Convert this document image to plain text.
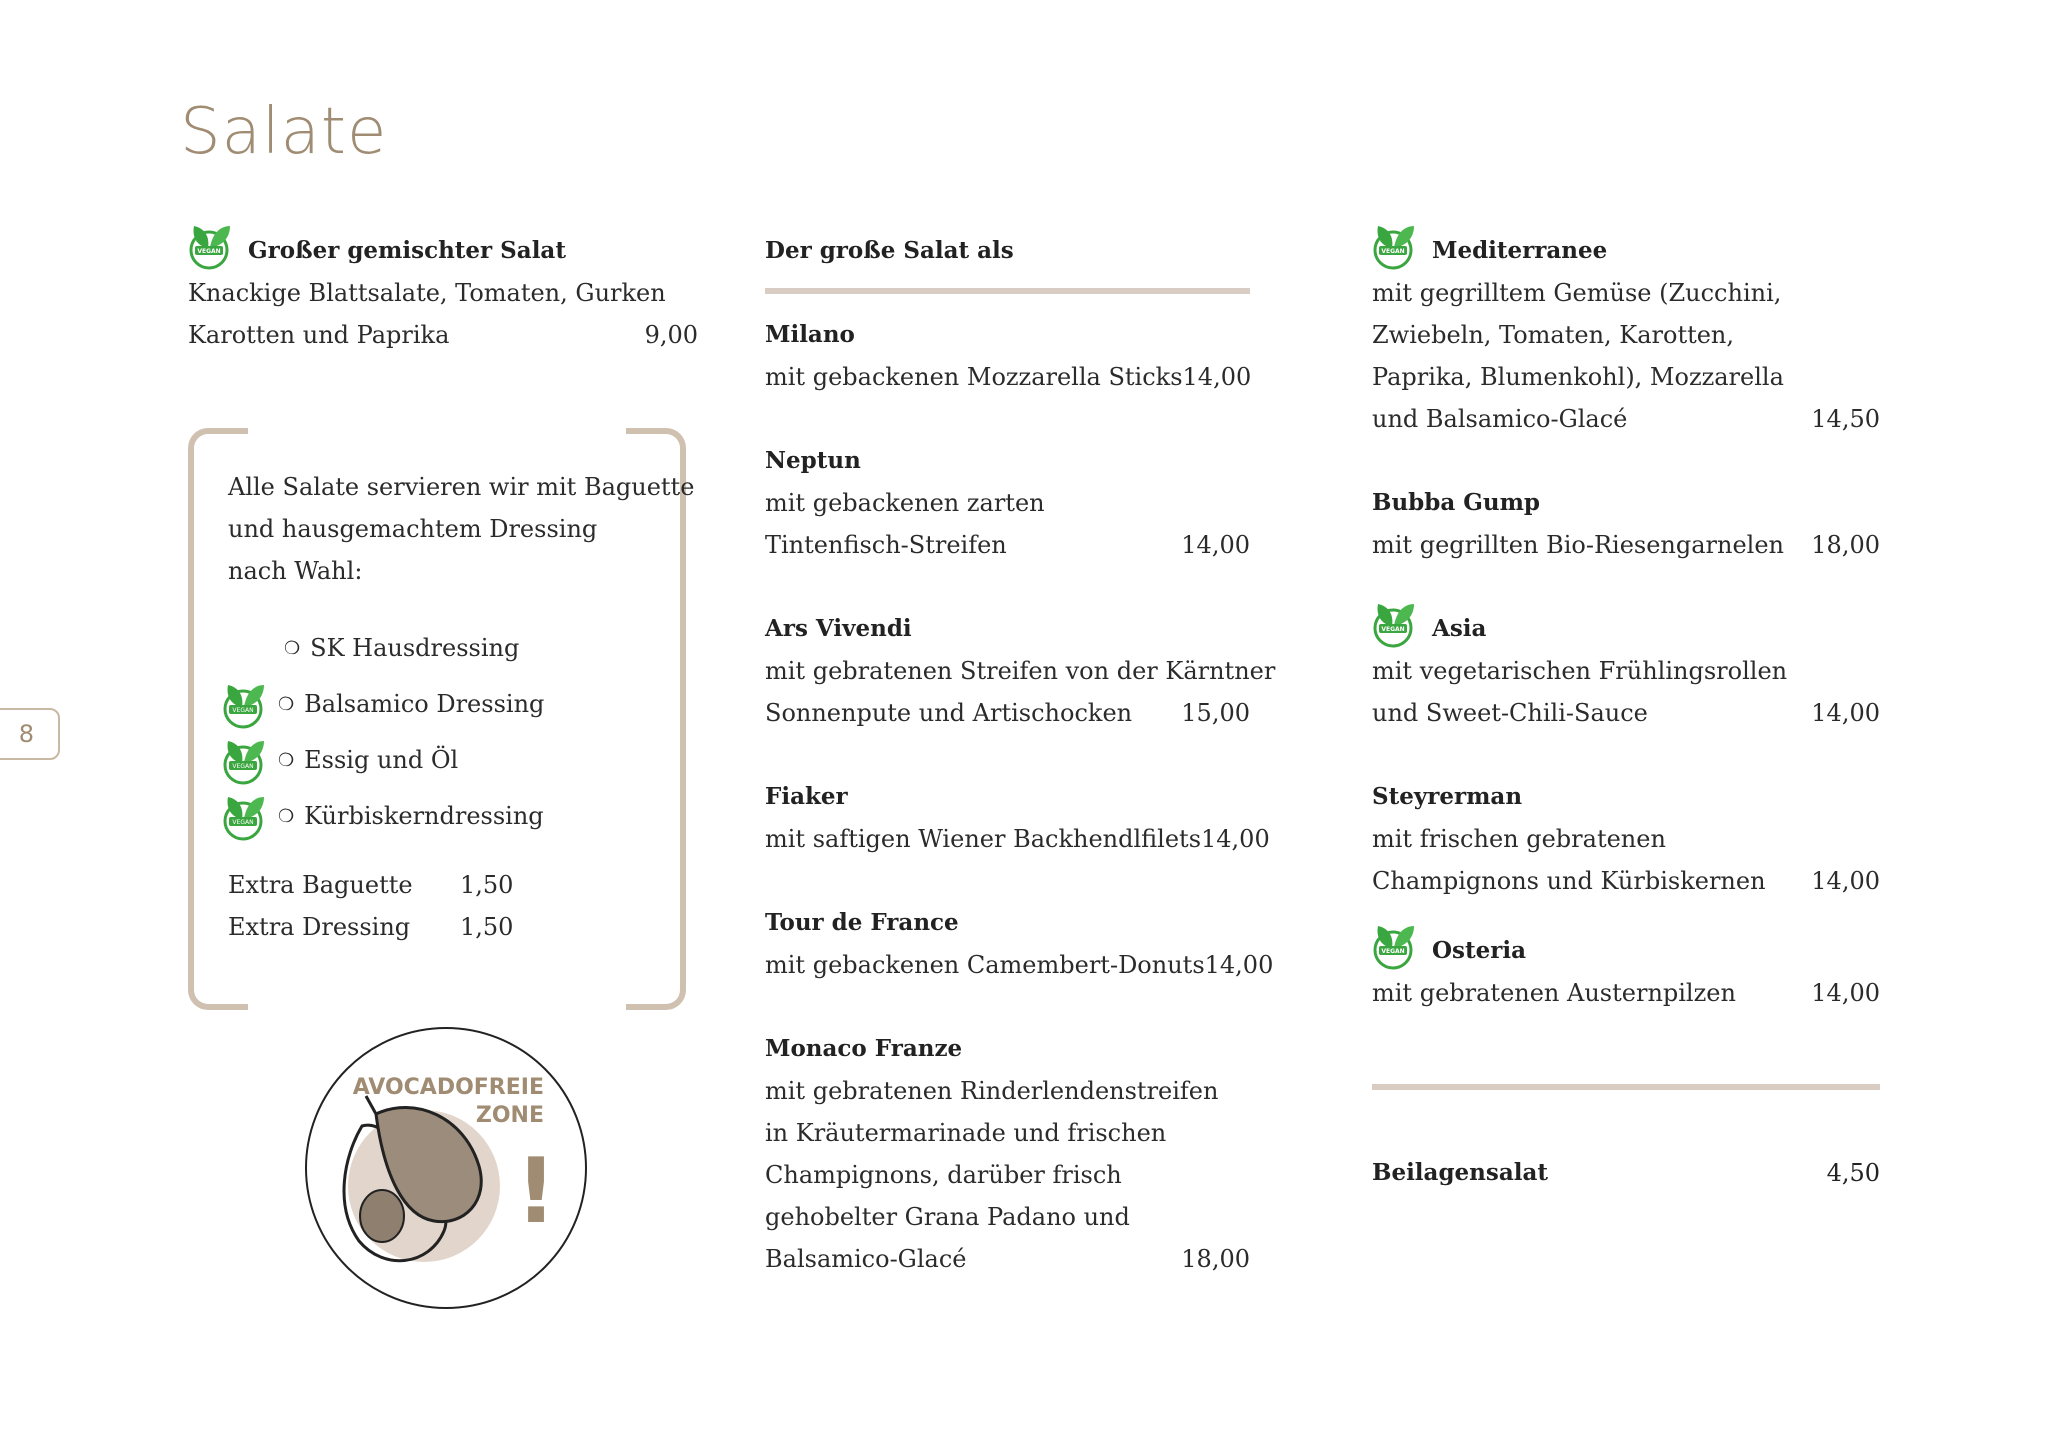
Salate
8
VEGAN Großer gemischter Salat
Knackige Blattsalate, Tomaten, Gurken
Karotten und Paprika	9,00
Alle Salate servieren wir mit Baguette
und hausgemachtem Dressing
nach Wahl:
❍ SK Hausdressing
VEGAN ❍ Balsamico Dressing
VEGAN ❍ Essig und Öl
VEGAN ❍ Kürbiskerndressing
Extra Baguette	1,50
Extra Dressing	1,50
AVOCADOFREIE
ZONE
!
Der große Salat als
Milano
mit gebackenen Mozzarella Sticks 14,00
Neptun
mit gebackenen zarten
Tintenfisch-Streifen	14,00
Ars Vivendi
mit gebratenen Streifen von der Kärntner
Sonnenpute und Artischocken 15,00
Fiaker
mit saftigen Wiener Backhendlfilets 14,00
Tour de France
mit gebackenen Camembert-Donuts 14,00
Monaco Franze
mit gebratenen Rinderlendenstreifen
in Kräutermarinade und frischen
Champignons, darüber frisch
gehobelter Grana Padano und
Balsamico-Glacé	18,00
VEGAN Mediterranee
mit gegrilltem Gemüse (Zucchini,
Zwiebeln, Tomaten, Karotten,
Paprika, Blumenkohl), Mozzarella
und Balsamico-Glacé	14,50
Bubba Gump
mit gegrillten Bio-Riesengarnelen 18,00
VEGAN Asia
mit vegetarischen Frühlingsrollen
und Sweet-Chili-Sauce	14,00
Steyrerman
mit frischen gebratenen
Champignons und Kürbiskernen 14,00
VEGAN Osteria
mit gebratenen Austernpilzen	14,00
Beilagensalat	4,50
